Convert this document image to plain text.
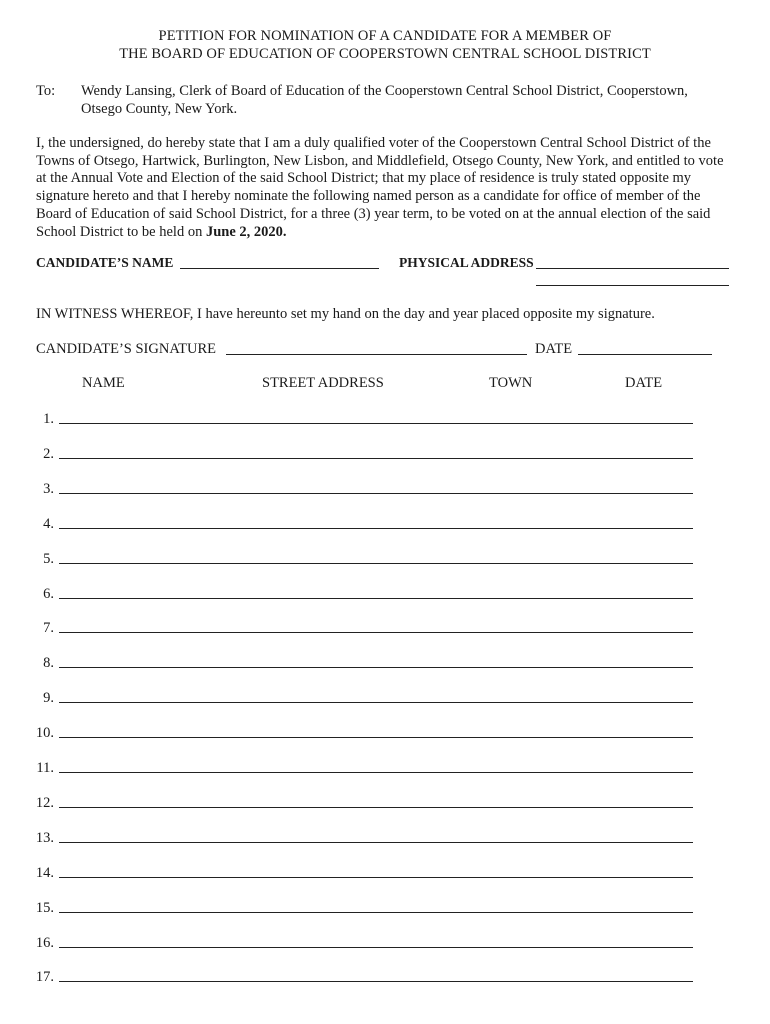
PETITION FOR NOMINATION OF A CANDIDATE FOR A MEMBER OF
THE BOARD OF EDUCATION OF COOPERSTOWN CENTRAL SCHOOL DISTRICT
To: Wendy Lansing, Clerk of Board of Education of the Cooperstown Central School District, Cooperstown, Otsego County, New York.
I, the undersigned, do hereby state that I am a duly qualified voter of the Cooperstown Central School District of the Towns of Otsego, Hartwick, Burlington, New Lisbon, and Middlefield, Otsego County, New York, and entitled to vote at the Annual Vote and Election of the said School District; that my place of residence is truly stated opposite my signature hereto and that I hereby nominate the following named person as a candidate for office of member of the Board of Education of said School District, for a three (3) year term, to be voted on at the annual election of the said School District to be held on June 2, 2020.
CANDIDATE’S NAME	PHYSICAL ADDRESS
IN WITNESS WHEREOF, I have hereunto set my hand on the day and year placed opposite my signature.
CANDIDATE’S SIGNATURE	DATE
NAME	STREET ADDRESS	TOWN	DATE
1.
2.
3.
4.
5.
6.
7.
8.
9.
10.
11.
12.
13.
14.
15.
16.
17.
